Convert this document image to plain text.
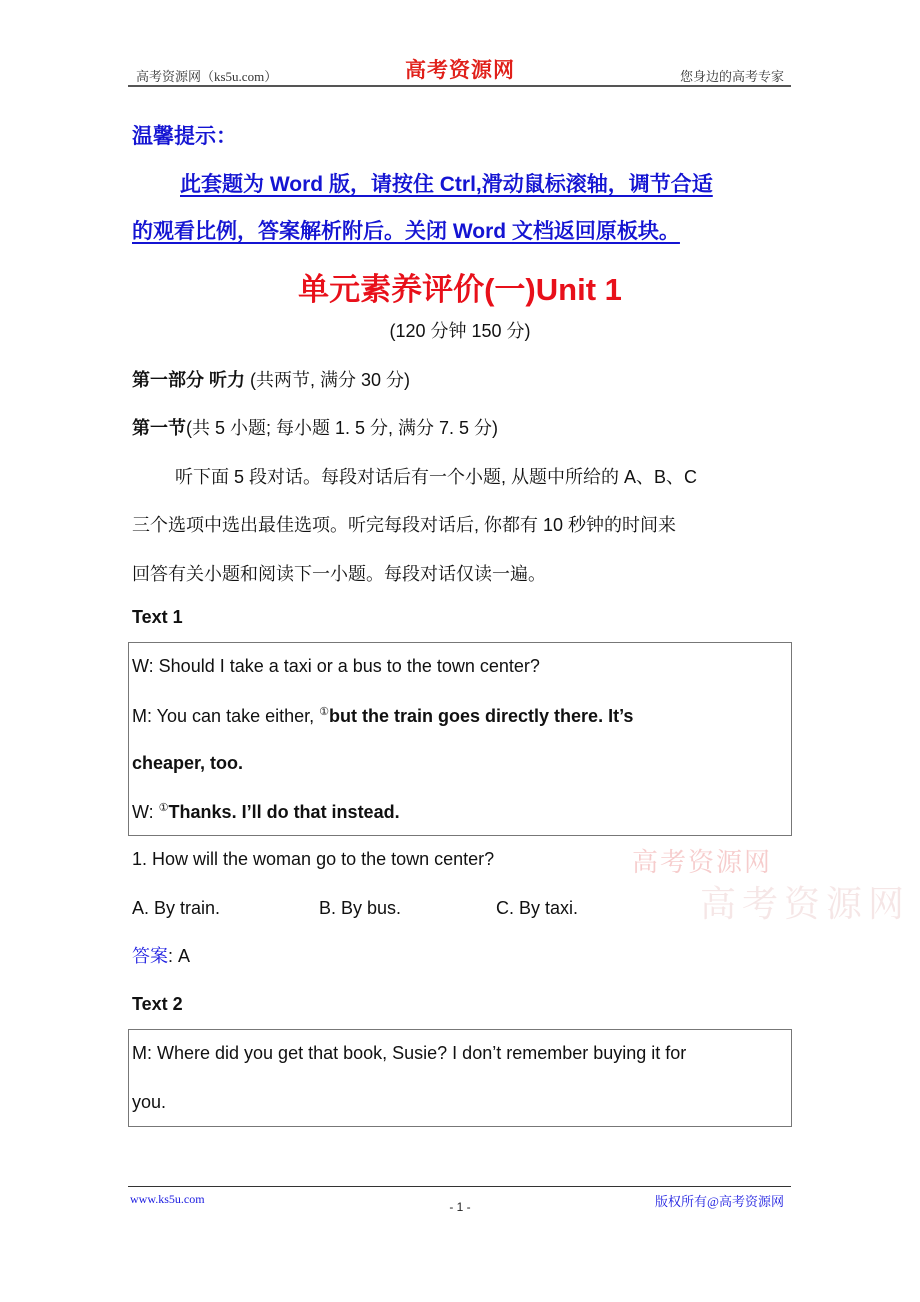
高考资源网（ks5u.com）	高考资源网	您身边的高考专家
温馨提示：
此套题为 Word 版，请按住 Ctrl,滑动鼠标滚轴，调节合适
的观看比例，答案解析附后。关闭 Word 文档返回原板块。
单元素养评价(一)Unit 1
(120 分钟 150 分)
第一部分 听力 (共两节, 满分 30 分)
第一节(共 5 小题; 每小题 1. 5 分, 满分 7. 5 分)
听下面 5 段对话。每段对话后有一个小题, 从题中所给的 A、B、C
三个选项中选出最佳选项。听完每段对话后, 你都有 10 秒钟的时间来
回答有关小题和阅读下一小题。每段对话仅读一遍。
Text 1
W: Should I take a taxi or a bus to the town center?
M: You can take either, ①but the train goes directly there. It’s
cheaper, too.
W: ①Thanks. I’ll do that instead.
1. How will the woman go to the town center?
A. By train.	B. By bus.	C. By taxi.
答案: A
高考资源网
高考资源网
Text 2
M: Where did you get that book, Susie? I don’t remember buying it for
you.
www.ks5u.com
- 1 -	版权所有@高考资源网
